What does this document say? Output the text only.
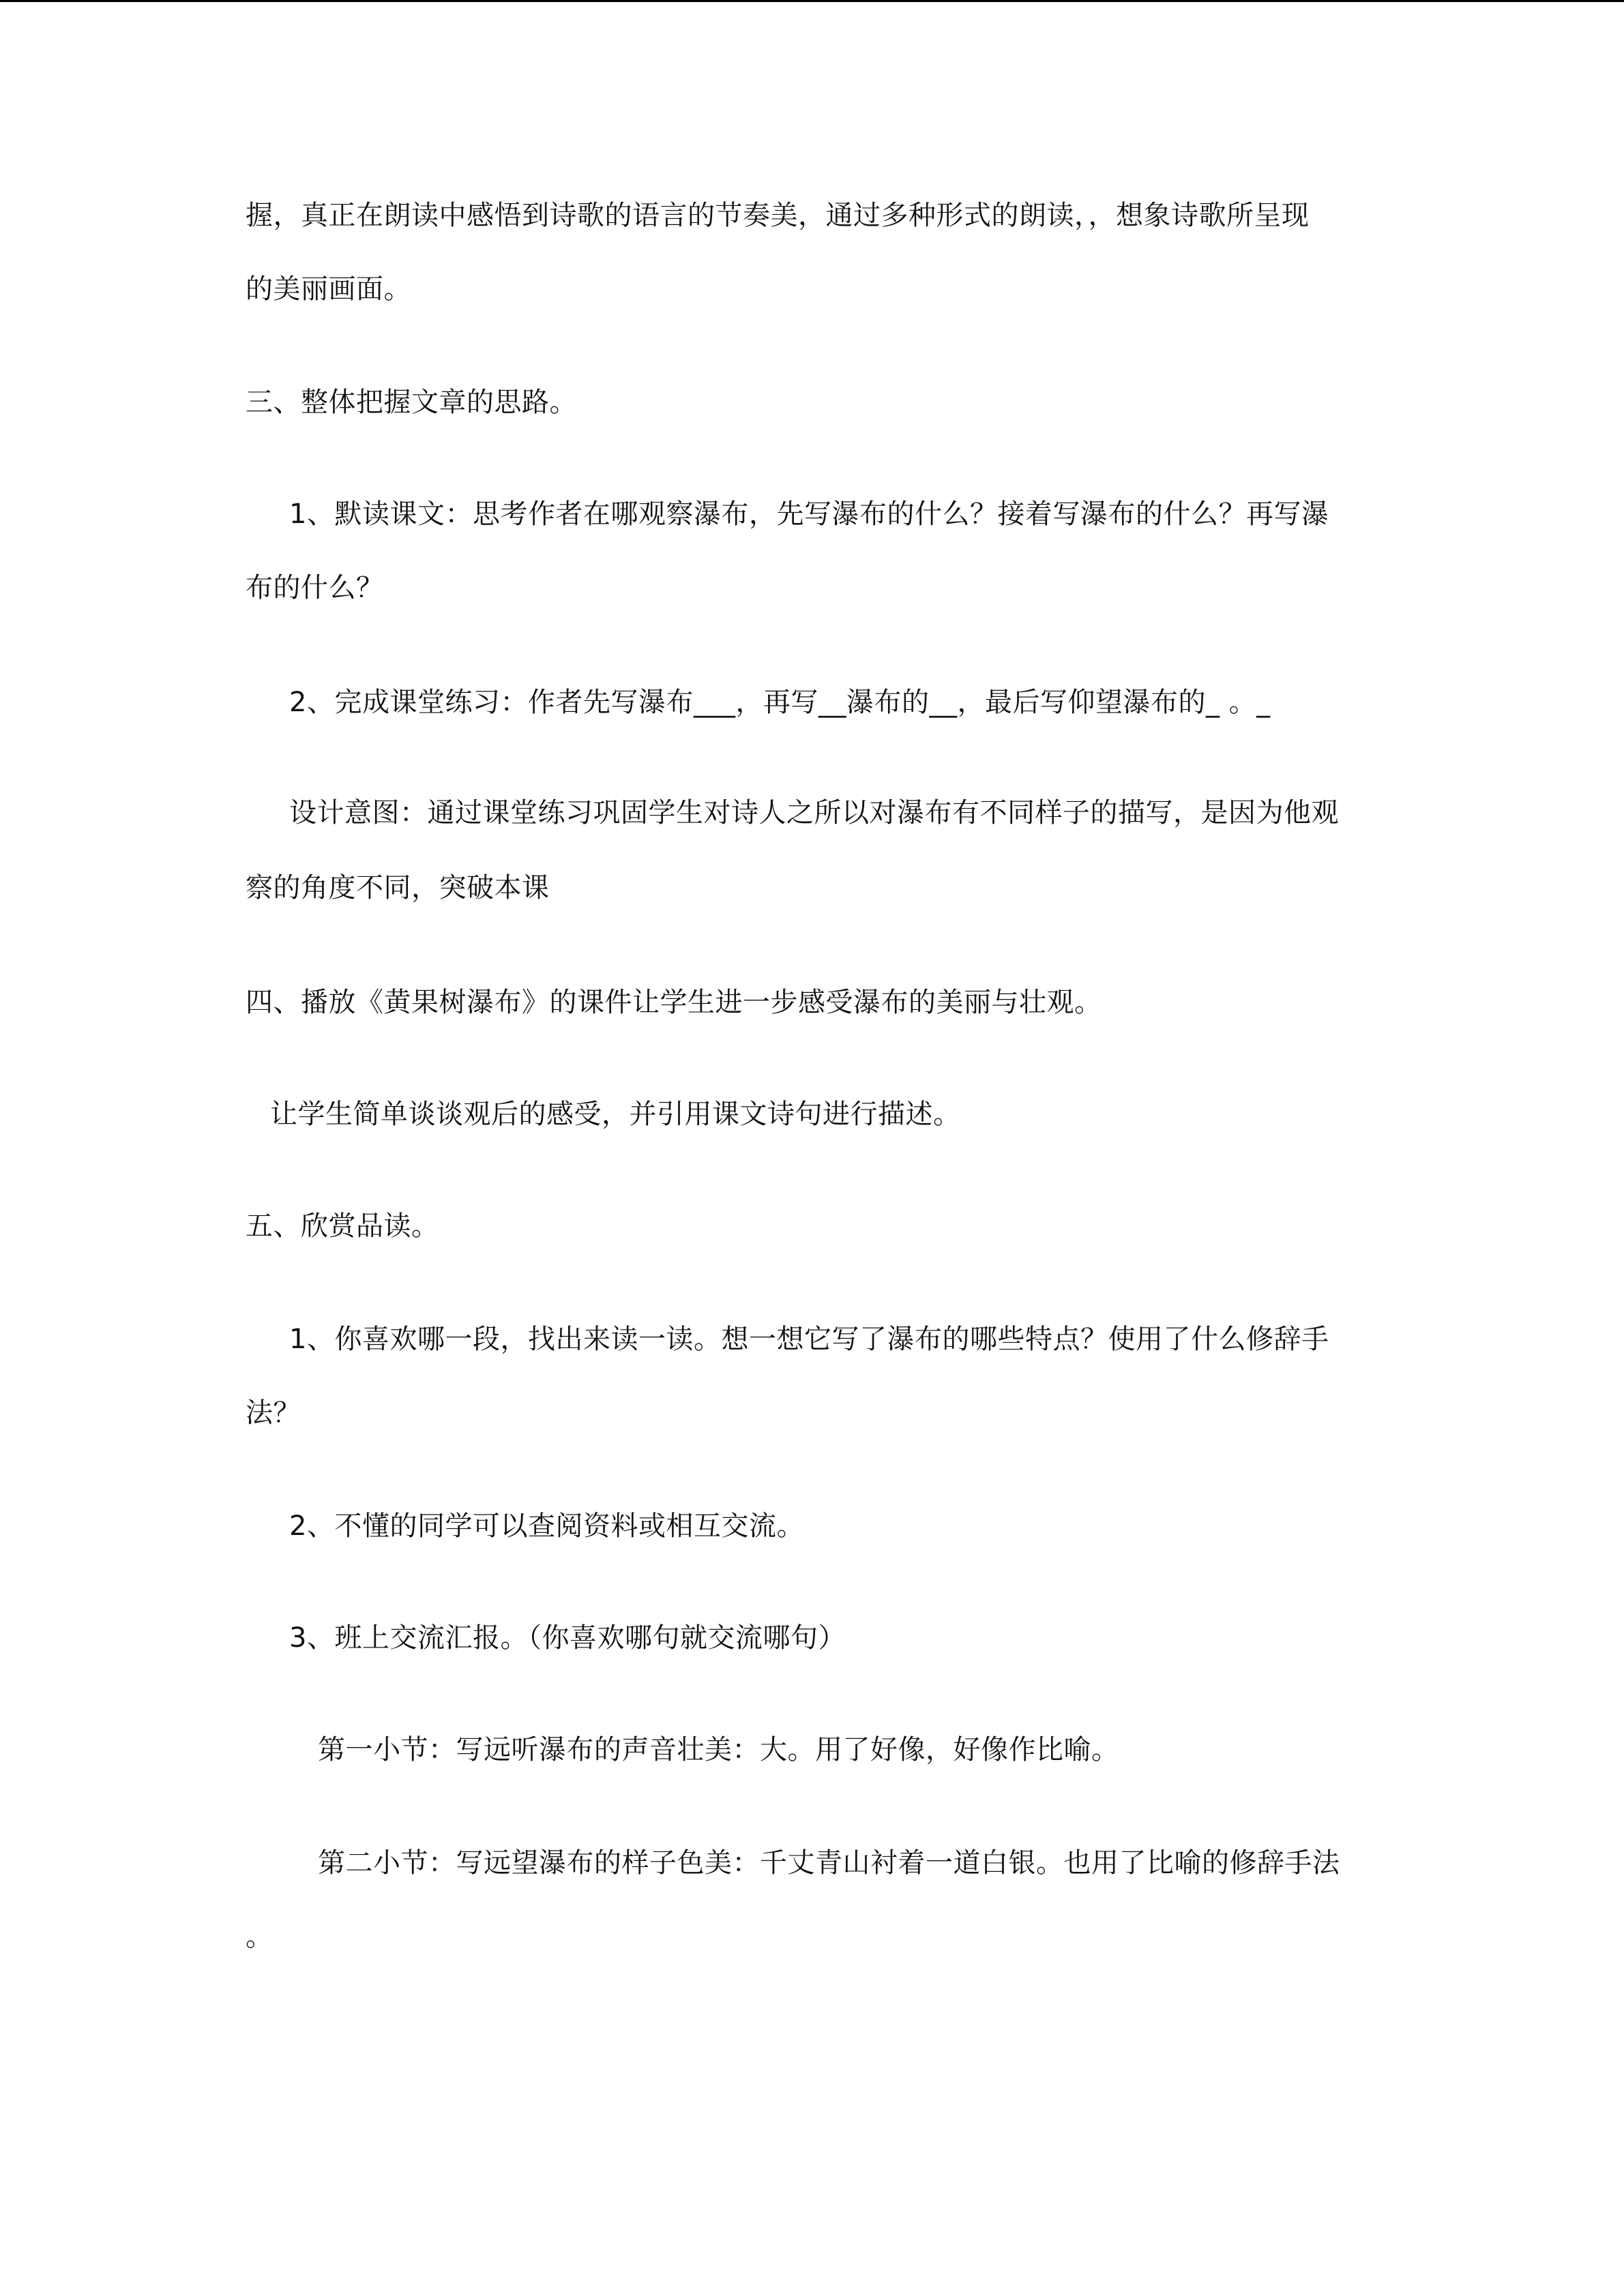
握，真正在朗读中感悟到诗歌的语言的节奏美，通过多种形式的朗读，，想象诗歌所呈现
的美丽画面。
三、整体把握文章的思路。
1、默读课文：思考作者在哪观察瀑布，先写瀑布的什么？接着写瀑布的什么？再写瀑
布的什么？
2、完成课堂练习：作者先写瀑布___，再写__瀑布的__，最后写仰望瀑布的_ 。_
设计意图：通过课堂练习巩固学生对诗人之所以对瀑布有不同样子的描写，是因为他观
察的角度不同，突破本课
四、播放《黄果树瀑布》的课件让学生进一步感受瀑布的美丽与壮观。
让学生简单谈谈观后的感受，并引用课文诗句进行描述。
五、欣赏品读。
1、你喜欢哪一段，找出来读一读。想一想它写了瀑布的哪些特点？使用了什么修辞手
法？
2、不懂的同学可以查阅资料或相互交流。
3、班上交流汇报。（你喜欢哪句就交流哪句）
第一小节：写远听瀑布的声音壮美：大。用了好像，好像作比喻。
第二小节：写远望瀑布的样子色美：千丈青山衬着一道白银。也用了比喻的修辞手法
。
